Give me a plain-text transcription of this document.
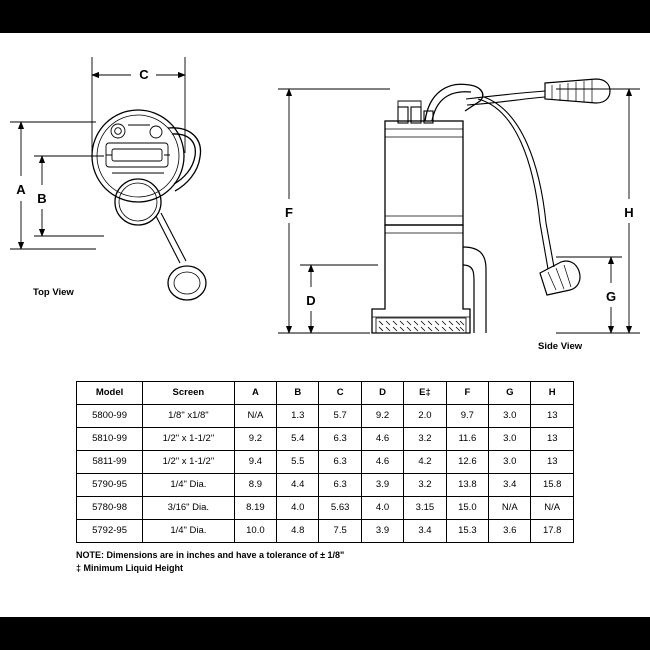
C
A
B
Top View
F
D
H
G
Side View
Model	Screen	A	B	C	D	E‡	F	G	H
5800-99	1/8" x1/8"	N/A	1.3	5.7	9.2	2.0	9.7	3.0	13
5810-99	1/2" x 1-1/2"	9.2	5.4	6.3	4.6	3.2	11.6	3.0	13
5811-99	1/2" x 1-1/2"	9.4	5.5	6.3	4.6	4.2	12.6	3.0	13
5790-95	1/4" Dia.	8.9	4.4	6.3	3.9	3.2	13.8	3.4	15.8
5780-98	3/16" Dia.	8.19	4.0	5.63	4.0	3.15	15.0	N/A	N/A
5792-95	1/4" Dia.	10.0	4.8	7.5	3.9	3.4	15.3	3.6	17.8
NOTE: Dimensions are in inches and have a tolerance of ± 1/8"
‡ Minimum Liquid Height
